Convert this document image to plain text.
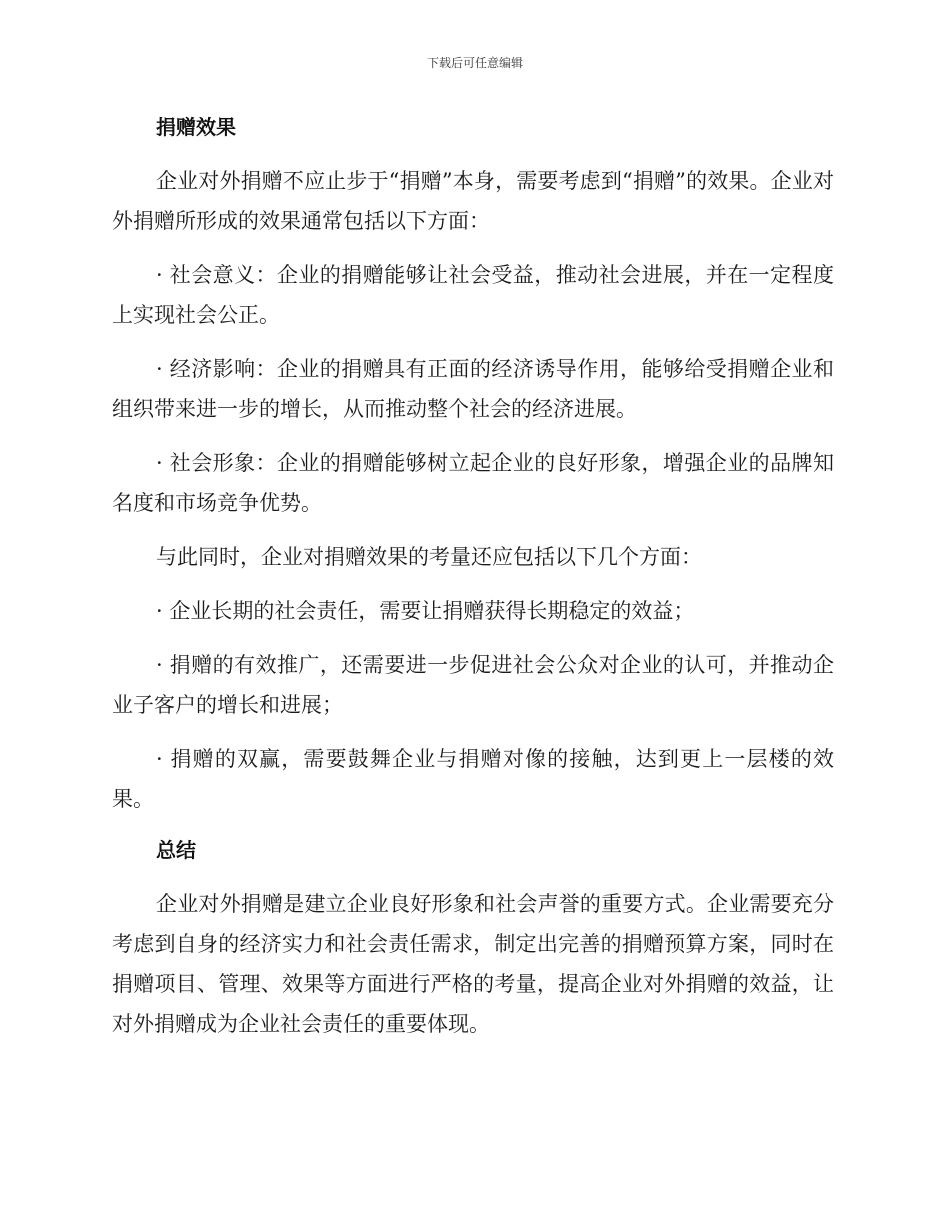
下载后可任意编辑
捐赠效果

企业对外捐赠不应止步于“捐赠”本身，需要考虑到“捐赠”的效果。企业对外捐赠所形成的效果通常包括以下方面：

· 社会意义：企业的捐赠能够让社会受益，推动社会进展，并在一定程度上实现社会公正。

· 经济影响：企业的捐赠具有正面的经济诱导作用，能够给受捐赠企业和组织带来进一步的增长，从而推动整个社会的经济进展。

· 社会形象：企业的捐赠能够树立起企业的良好形象，增强企业的品牌知名度和市场竞争优势。

与此同时，企业对捐赠效果的考量还应包括以下几个方面：

· 企业长期的社会责任，需要让捐赠获得长期稳定的效益；

· 捐赠的有效推广，还需要进一步促进社会公众对企业的认可，并推动企业子客户的增长和进展；

· 捐赠的双赢，需要鼓舞企业与捐赠对像的接触，达到更上一层楼的效果。

总结

企业对外捐赠是建立企业良好形象和社会声誉的重要方式。企业需要充分考虑到自身的经济实力和社会责任需求，制定出完善的捐赠预算方案，同时在捐赠项目、管理、效果等方面进行严格的考量，提高企业对外捐赠的效益，让对外捐赠成为企业社会责任的重要体现。
